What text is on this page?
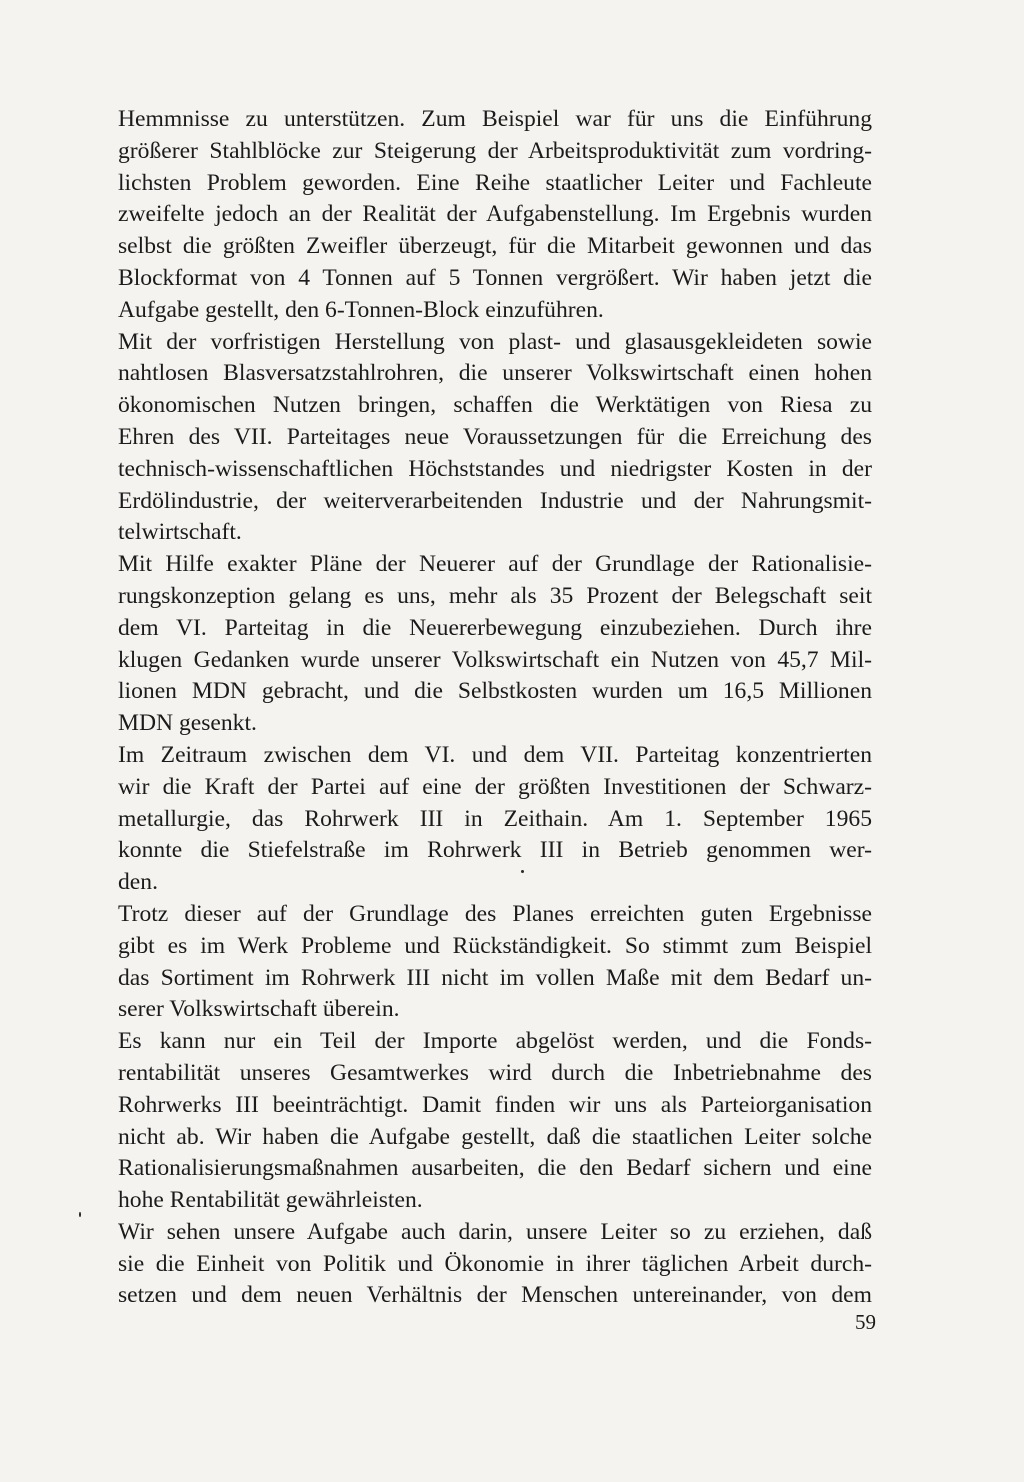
Hemmnisse zu unterstützen. Zum Beispiel war für uns die Einführung
größerer Stahlblöcke zur Steigerung der Arbeitsproduktivität zum vordring-
lichsten Problem geworden. Eine Reihe staatlicher Leiter und Fachleute
zweifelte jedoch an der Realität der Aufgabenstellung. Im Ergebnis wurden
selbst die größten Zweifler überzeugt, für die Mitarbeit gewonnen und das
Blockformat von 4 Tonnen auf 5 Tonnen vergrößert. Wir haben jetzt die
Aufgabe gestellt, den 6-Tonnen-Block einzuführen.
Mit der vorfristigen Herstellung von plast- und glasausgekleideten sowie
nahtlosen Blasversatzstahlrohren, die unserer Volkswirtschaft einen hohen
ökonomischen Nutzen bringen, schaffen die Werktätigen von Riesa zu
Ehren des VII. Parteitages neue Voraussetzungen für die Erreichung des
technisch-wissenschaftlichen Höchststandes und niedrigster Kosten in der
Erdölindustrie, der weiterverarbeitenden Industrie und der Nahrungsmit-
telwirtschaft.
Mit Hilfe exakter Pläne der Neuerer auf der Grundlage der Rationalisie-
rungskonzeption gelang es uns, mehr als 35 Prozent der Belegschaft seit
dem VI. Parteitag in die Neuererbewegung einzubeziehen. Durch ihre
klugen Gedanken wurde unserer Volkswirtschaft ein Nutzen von 45,7 Mil-
lionen MDN gebracht, und die Selbstkosten wurden um 16,5 Millionen
MDN gesenkt.
Im Zeitraum zwischen dem VI. und dem VII. Parteitag konzentrierten
wir die Kraft der Partei auf eine der größten Investitionen der Schwarz-
metallurgie, das Rohrwerk III in Zeithain. Am 1. September 1965
konnte die Stiefelstraße im Rohrwerk III in Betrieb genommen wer-
den.
Trotz dieser auf der Grundlage des Planes erreichten guten Ergebnisse
gibt es im Werk Probleme und Rückständigkeit. So stimmt zum Beispiel
das Sortiment im Rohrwerk III nicht im vollen Maße mit dem Bedarf un-
serer Volkswirtschaft überein.
Es kann nur ein Teil der Importe abgelöst werden, und die Fonds-
rentabilität unseres Gesamtwerkes wird durch die Inbetriebnahme des
Rohrwerks III beeinträchtigt. Damit finden wir uns als Parteiorganisation
nicht ab. Wir haben die Aufgabe gestellt, daß die staatlichen Leiter solche
Rationalisierungsmaßnahmen ausarbeiten, die den Bedarf sichern und eine
hohe Rentabilität gewährleisten.
Wir sehen unsere Aufgabe auch darin, unsere Leiter so zu erziehen, daß
sie die Einheit von Politik und Ökonomie in ihrer täglichen Arbeit durch-
setzen und dem neuen Verhältnis der Menschen untereinander, von dem
59
